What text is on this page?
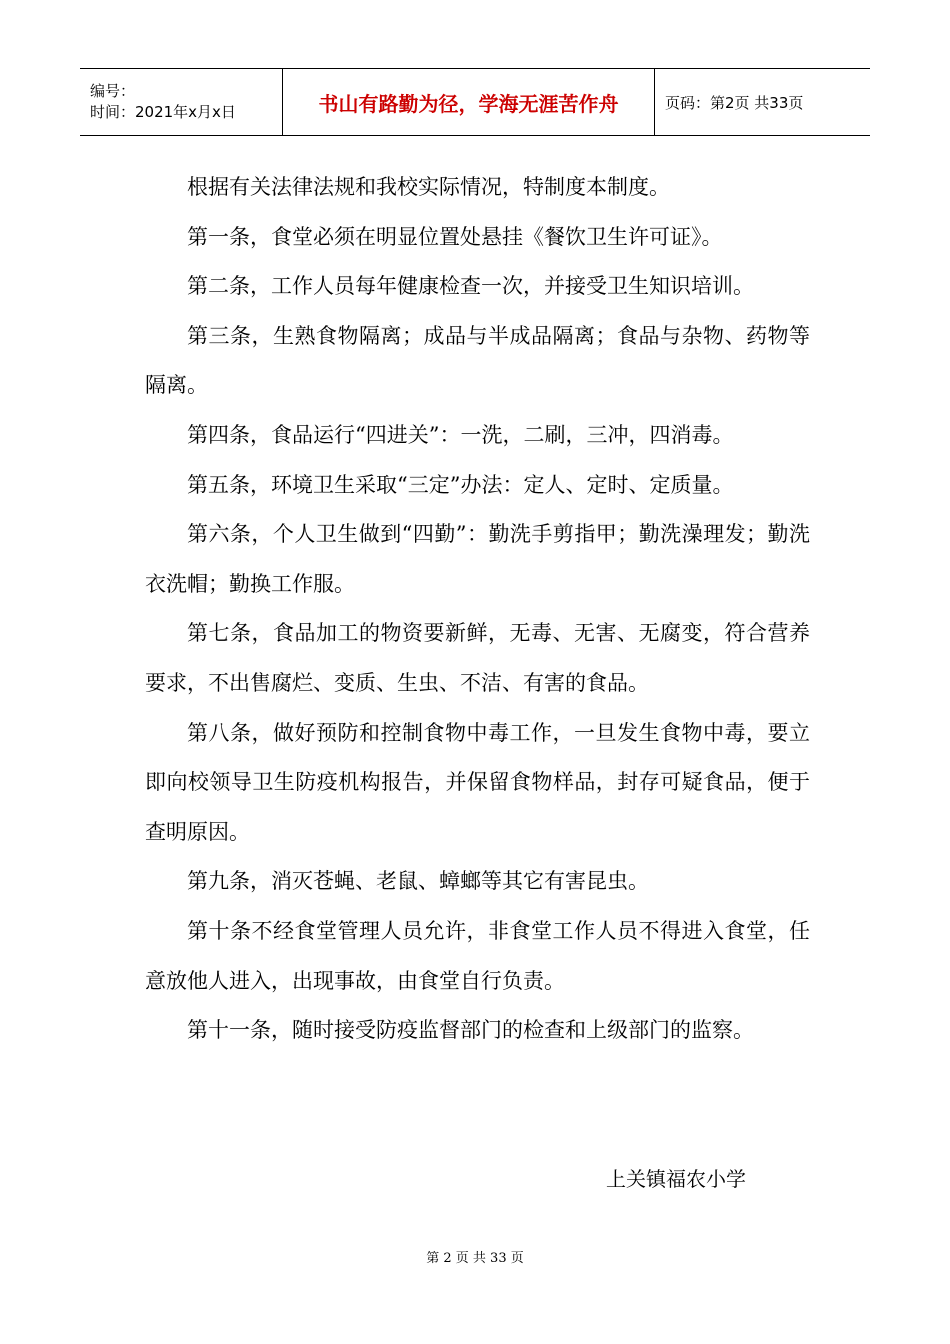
编号：
时间：2021年x月x日	书山有路勤为径，学海无涯苦作舟	页码：第2页 共33页

根据有关法律法规和我校实际情况，特制度本制度。

第一条，食堂必须在明显位置处悬挂《餐饮卫生许可证》。

第二条，工作人员每年健康检查一次，并接受卫生知识培训。

第三条，生熟食物隔离；成品与半成品隔离；食品与杂物、药物等隔离。

第四条，食品运行“四进关”：一洗，二刷，三冲，四消毒。

第五条，环境卫生采取“三定”办法：定人、定时、定质量。

第六条，个人卫生做到“四勤”：勤洗手剪指甲；勤洗澡理发；勤洗衣洗帽；勤换工作服。

第七条，食品加工的物资要新鲜，无毒、无害、无腐变，符合营养要求，不出售腐烂、变质、生虫、不洁、有害的食品。

第八条，做好预防和控制食物中毒工作，一旦发生食物中毒，要立即向校领导卫生防疫机构报告，并保留食物样品，封存可疑食品，便于查明原因。

第九条，消灭苍蝇、老鼠、蟑螂等其它有害昆虫。

第十条不经食堂管理人员允许，非食堂工作人员不得进入食堂，任意放他人进入，出现事故，由食堂自行负责。

第十一条，随时接受防疫监督部门的检查和上级部门的监察。

上关镇福农小学
第 2 页 共 33 页
